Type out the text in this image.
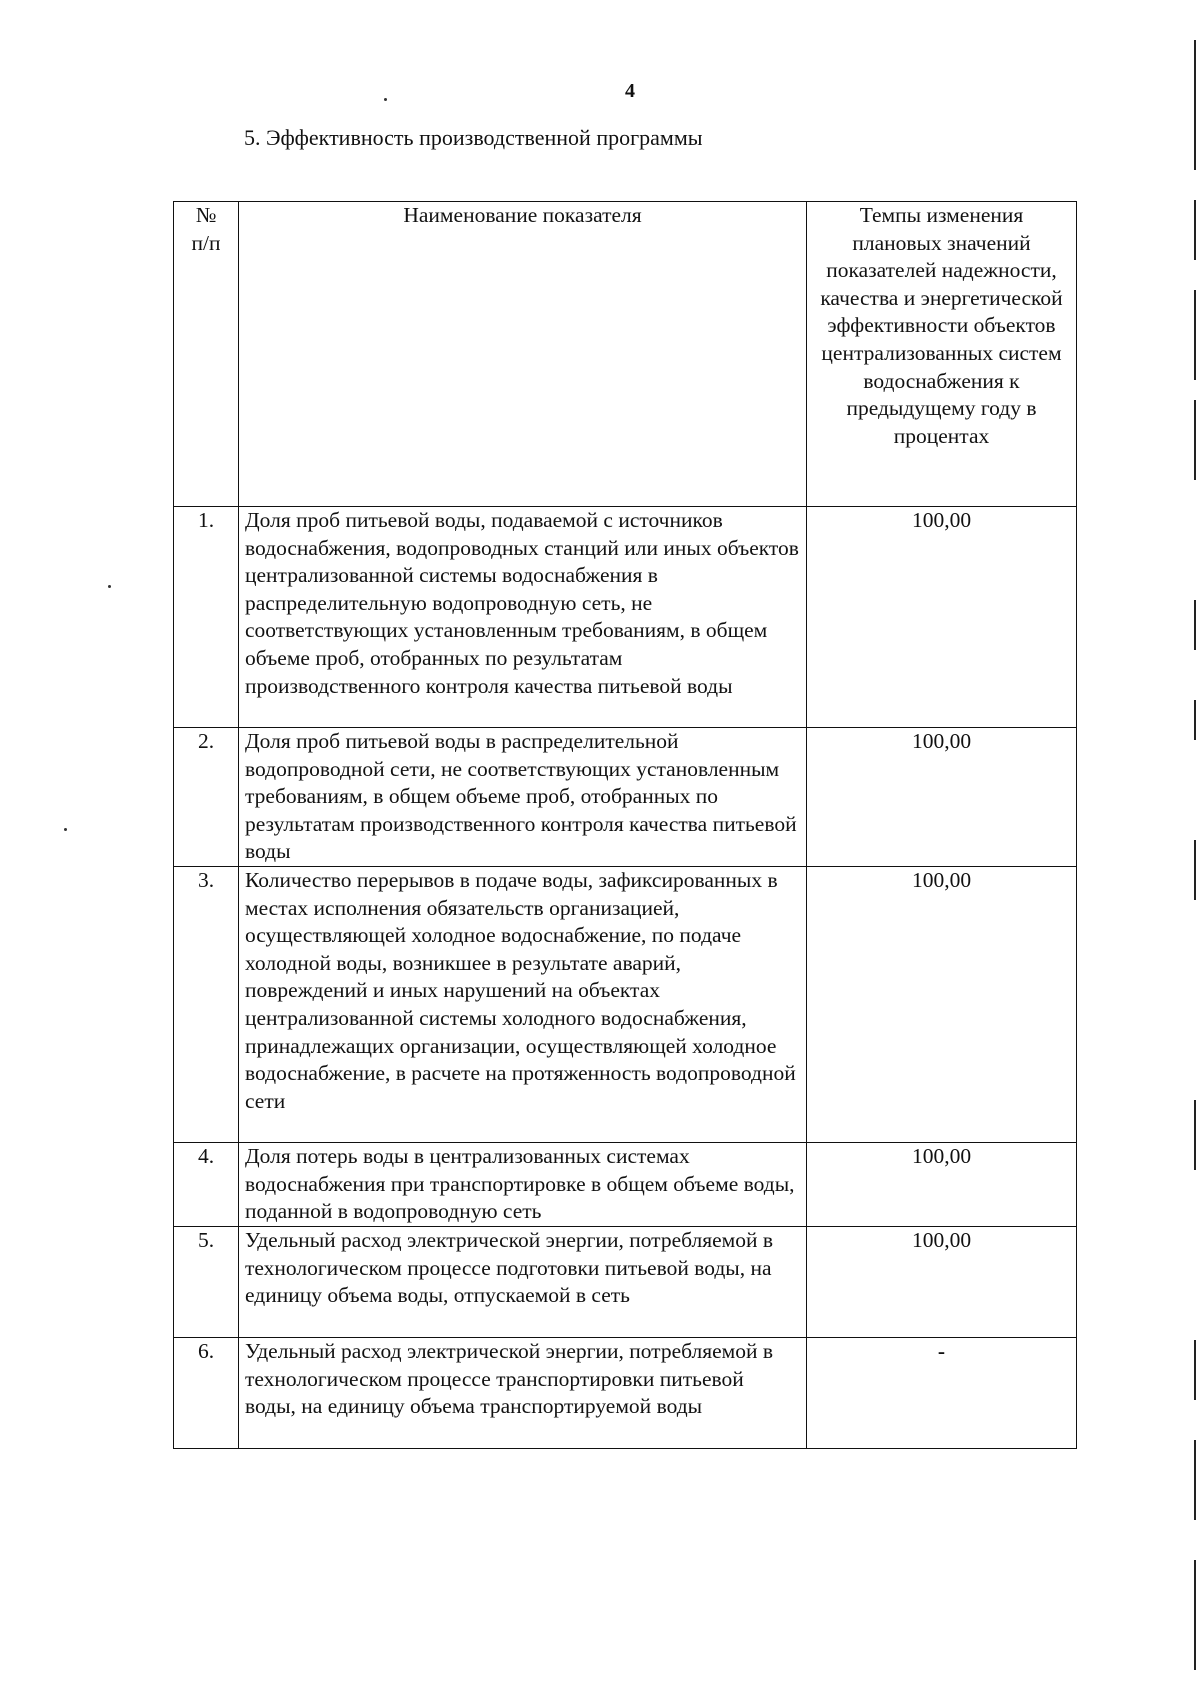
4
5. Эффективность производственной программы
№
п/п	Наименование показателя	Темпы изменения плановых значений показателей надежности, качества и энергетической эффективности объектов централизованных систем водоснабжения к предыдущему году в процентах
1.	Доля проб питьевой воды, подаваемой с источников водоснабжения, водопроводных станций или иных объектов централизованной системы водоснабжения в распределительную водопроводную сеть, не соответствующих установленным требованиям, в общем объеме проб, отобранных по результатам производственного контроля качества питьевой воды	100,00
2.	Доля проб питьевой воды в распределительной водопроводной сети, не соответствующих установленным требованиям, в общем объеме проб, отобранных по результатам производственного контроля качества питьевой воды	100,00
3.	Количество перерывов в подаче воды, зафиксированных в местах исполнения обязательств организацией, осуществляющей холодное водоснабжение, по подаче холодной воды, возникшее в результате аварий, повреждений и иных нарушений на объектах централизованной системы холодного водоснабжения, принадлежащих организации, осуществляющей холодное водоснабжение, в расчете на протяженность водопроводной сети	100,00
4.	Доля потерь воды в централизованных системах водоснабжения при транспортировке в общем объеме воды, поданной в водопроводную сеть	100,00
5.	Удельный расход электрической энергии, потребляемой в технологическом процессе подготовки питьевой воды, на единицу объема воды, отпускаемой в сеть	100,00
6.	Удельный расход электрической энергии, потребляемой в технологическом процессе транспортировки питьевой воды, на единицу объема транспортируемой воды	-
